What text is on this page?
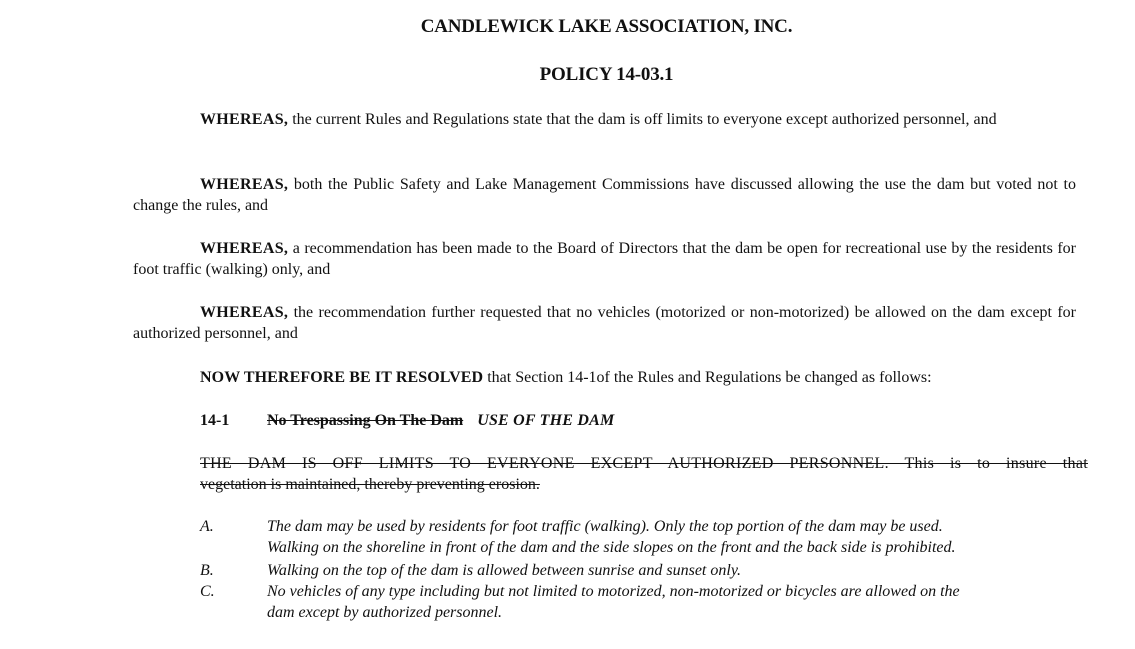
CANDLEWICK LAKE ASSOCIATION, INC.
POLICY 14-03.1
WHEREAS, the current Rules and Regulations state that the dam is off limits to everyone except authorized personnel, and
WHEREAS, both the Public Safety and Lake Management Commissions have discussed allowing the use the dam but voted not to change the rules, and
WHEREAS, a recommendation has been made to the Board of Directors that the dam be open for recreational use by the residents for foot traffic (walking) only, and
WHEREAS, the recommendation further requested that no vehicles (motorized or non-motorized) be allowed on the dam except for authorized personnel, and
NOW THEREFORE BE IT RESOLVED that Section 14-1of the Rules and Regulations be changed as follows:
14-1 No Trespassing On The Dam USE OF THE DAM
THE DAM IS OFF LIMITS TO EVERYONE EXCEPT AUTHORIZED PERSONNEL. This is to insure that
vegetation is maintained, thereby preventing erosion.
A.	The dam may be used by residents for foot traffic (walking). Only the top portion of the dam may be used.
Walking on the shoreline in front of the dam and the side slopes on the front and the back side is prohibited.
B.	Walking on the top of the dam is allowed between sunrise and sunset only.
C.	No vehicles of any type including but not limited to motorized, non-motorized or bicycles are allowed on the
dam except by authorized personnel.
